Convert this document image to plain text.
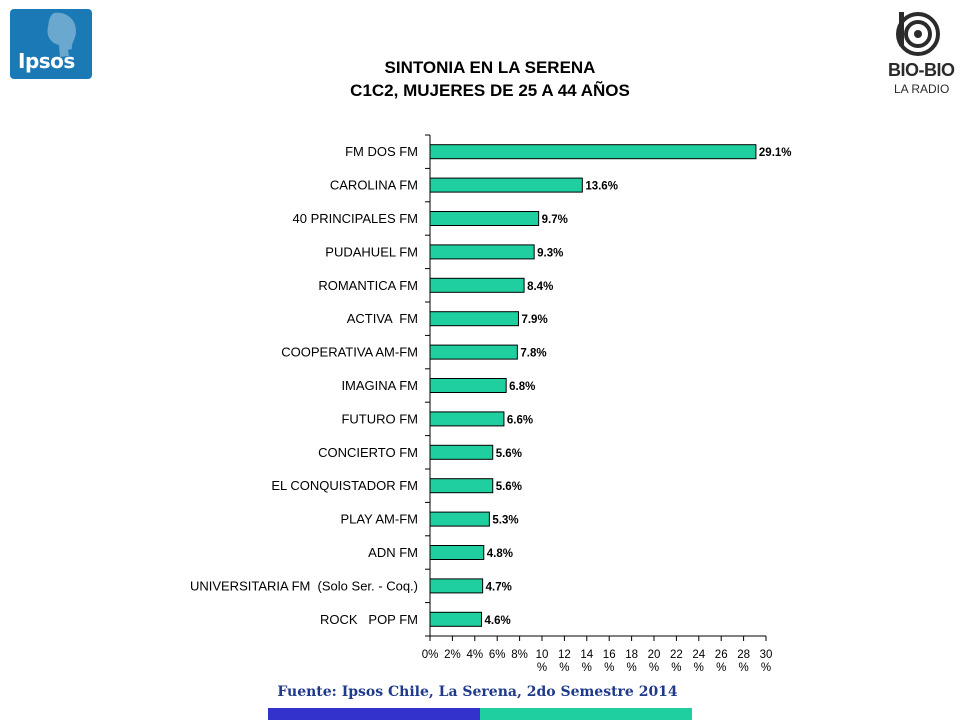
Ipsos	BIO-BIO
LA RADIO
SINTONIA EN LA SERENA
C1C2, MUJERES DE 25 A 44 AÑOS
0% 2% 4% 6% 8% 10 %
12 %
14 %
16 %
18 %
20 %
22 %
24 %
26 %
28 %
30 %
FM DOS FM	29.1%
CAROLINA FM	13.6%
40 PRINCIPALES FM	9.7%
PUDAHUEL FM	9.3%
ROMANTICA FM	8.4%
ACTIVA  FM	7.9%
COOPERATIVA AM-FM	7.8%
IMAGINA FM	6.8%
FUTURO FM	6.6%
CONCIERTO FM	5.6%
EL CONQUISTADOR FM	5.6%
PLAY AM-FM	5.3%
ADN FM	4.8%
UNIVERSITARIA FM  (Solo Ser. - Coq.)	4.7%
ROCK   POP FM	4.6%
Fuente: Ipsos Chile, La Serena, 2do Semestre 2014
